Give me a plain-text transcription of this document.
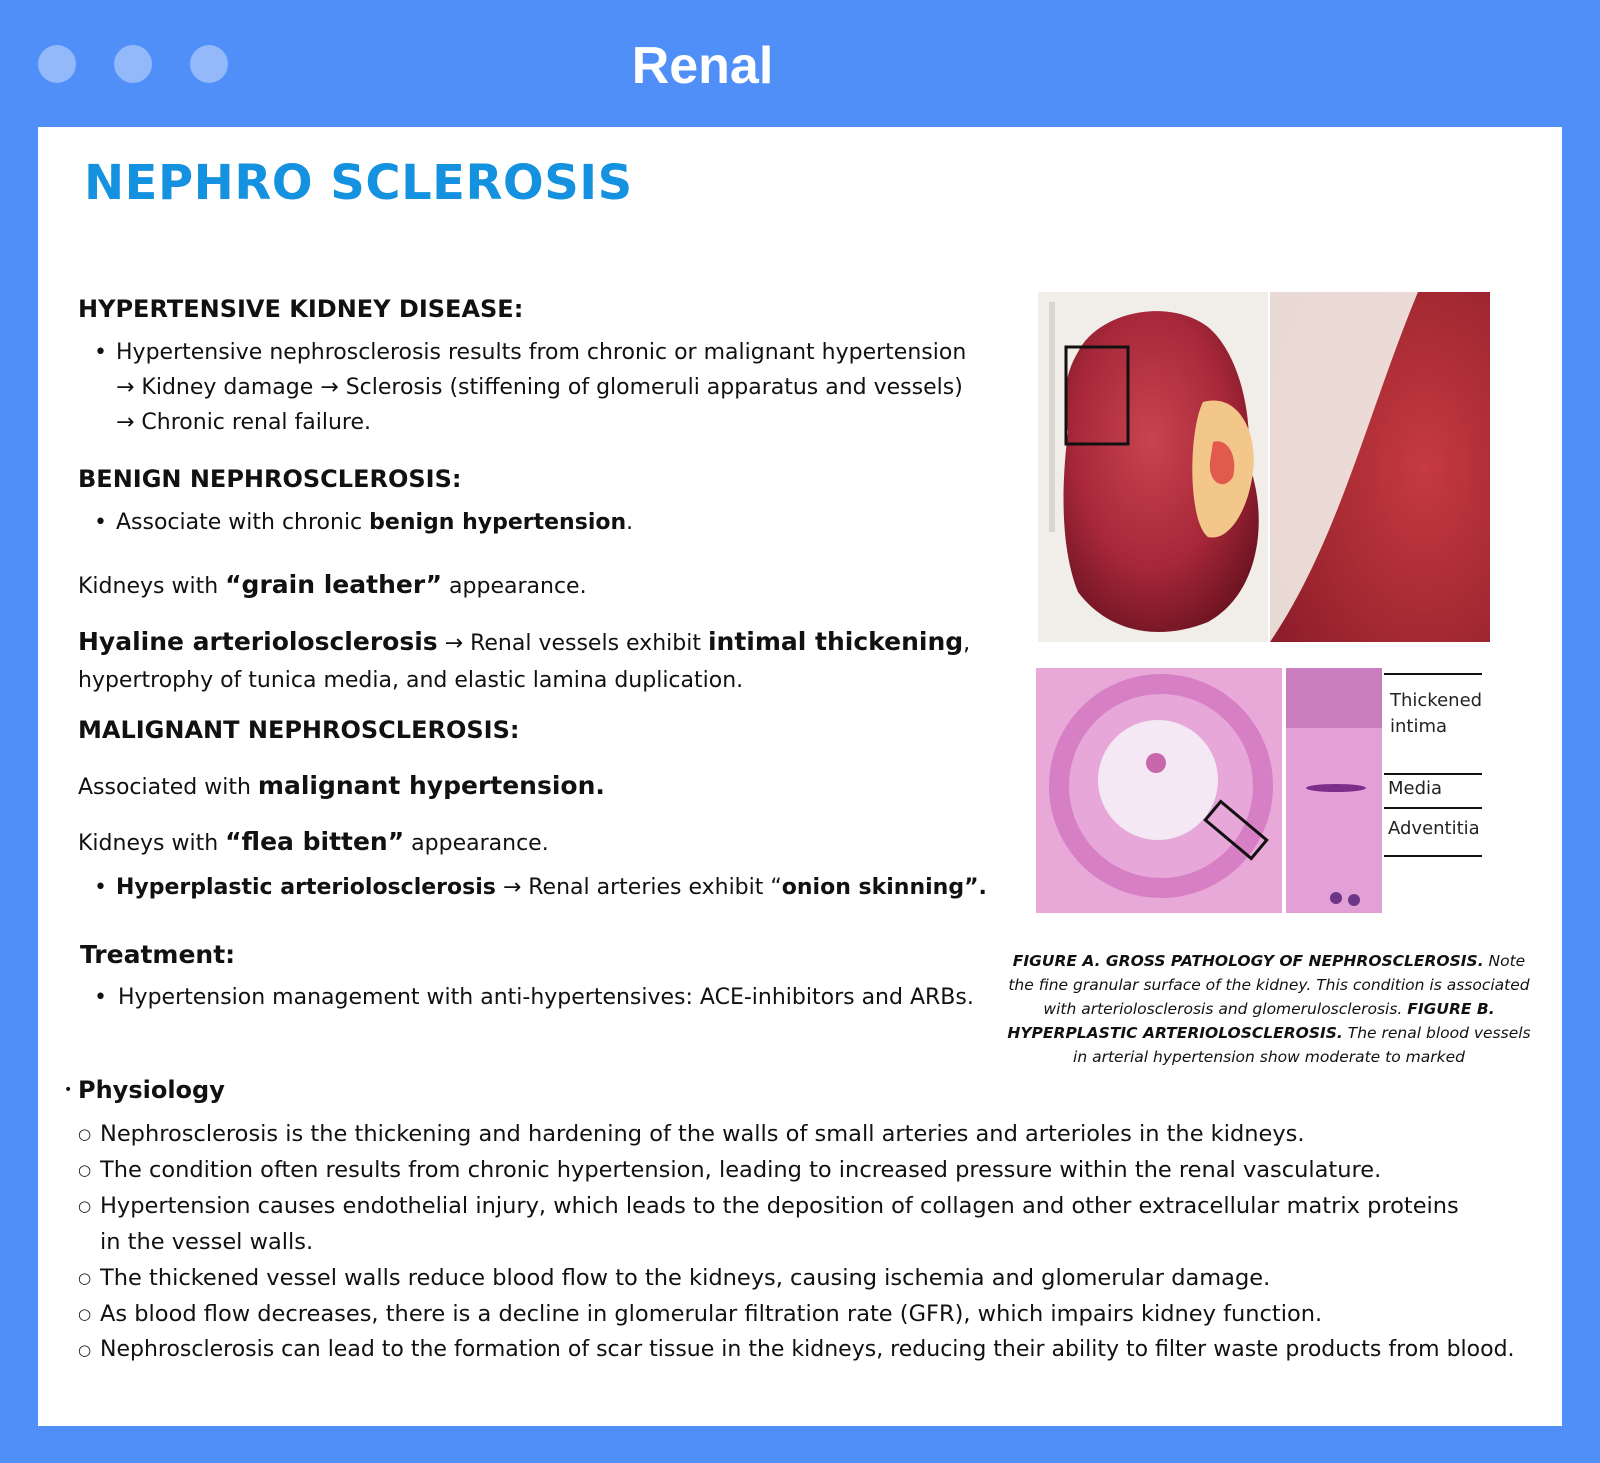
Renal
NEPHRO SCLEROSIS

HYPERTENSIVE KIDNEY DISEASE:

• Hypertensive nephrosclerosis results from chronic or malignant hypertension
→ Kidney damage → Sclerosis (stiffening of glomeruli apparatus and vessels)
→ Chronic renal failure.

BENIGN NEPHROSCLEROSIS:

• Associate with chronic benign hypertension.

Kidneys with “grain leather” appearance.

Hyaline arteriolosclerosis → Renal vessels exhibit intimal thickening,
hypertrophy of tunica media, and elastic lamina duplication.

MALIGNANT NEPHROSCLEROSIS:

Associated with malignant hypertension.

Kidneys with “flea bitten” appearance.

• Hyperplastic arteriolosclerosis → Renal arteries exhibit “onion skinning”.

Treatment:

• Hypertension management with anti-hypertensives: ACE-inhibitors and ARBs.

Thickened
intima
Media
Adventitia
FIGURE A. GROSS PATHOLOGY OF NEPHROSCLEROSIS. Note the fine granular surface of the kidney. This condition is associated with arteriolosclerosis and glomerulosclerosis. FIGURE B. HYPERPLASTIC ARTERIOLOSCLEROSIS. The renal blood vessels in arterial hypertension show moderate to marked

• Physiology

○ Nephrosclerosis is the thickening and hardening of the walls of small arteries and arterioles in the kidneys.

○ The condition often results from chronic hypertension, leading to increased pressure within the renal vasculature.

○ Hypertension causes endothelial injury, which leads to the deposition of collagen and other extracellular matrix proteins in the vessel walls.

○ The thickened vessel walls reduce blood flow to the kidneys, causing ischemia and glomerular damage.

○ As blood flow decreases, there is a decline in glomerular filtration rate (GFR), which impairs kidney function.

○ Nephrosclerosis can lead to the formation of scar tissue in the kidneys, reducing their ability to filter waste products from blood.
